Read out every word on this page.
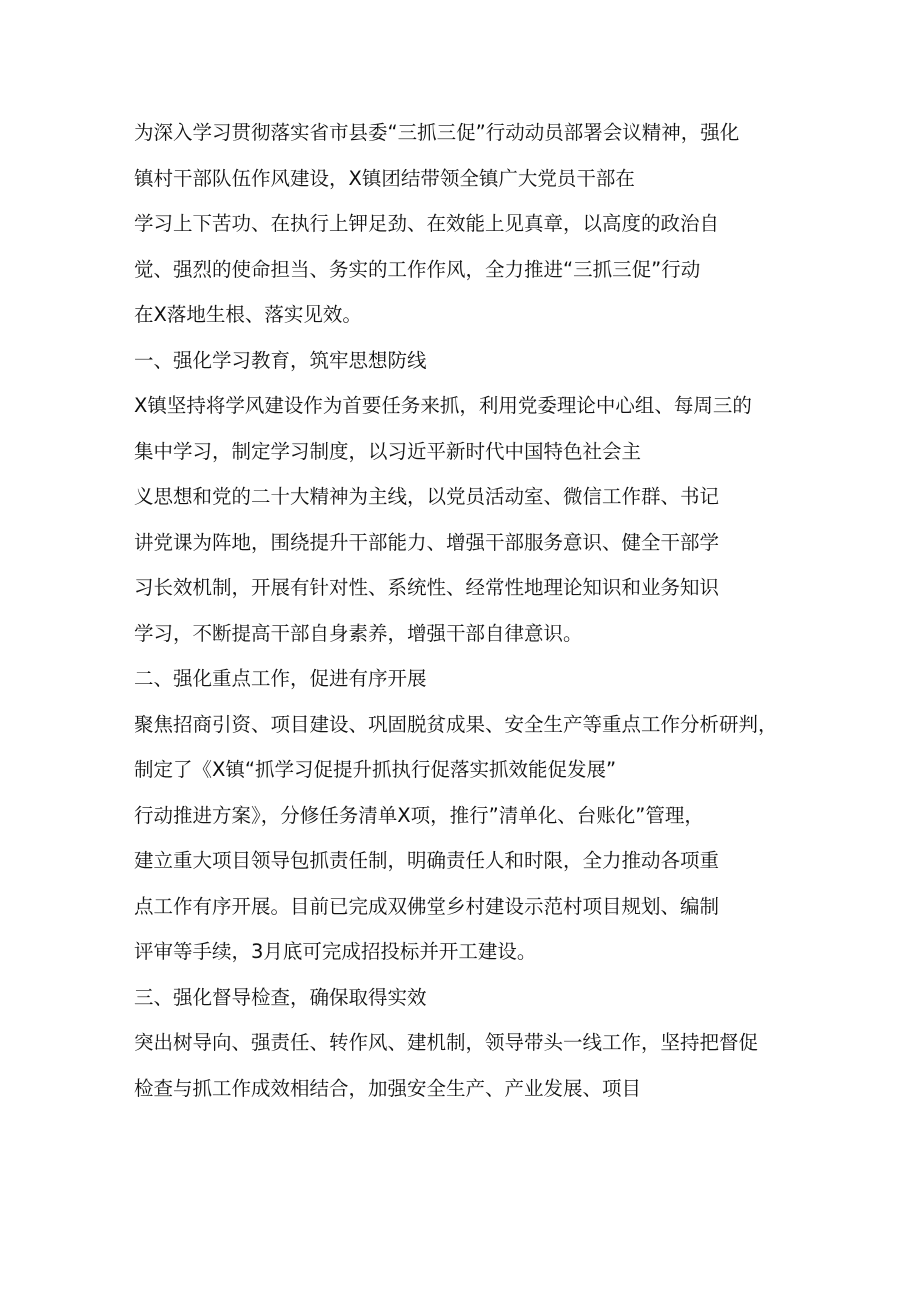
为深入学习贯彻落实省市县委“三抓三促”行动动员部署会议精神，强化
镇村干部队伍作风建设，X镇团结带领全镇广大党员干部在
学习上下苦功、在执行上钾足劲、在效能上见真章，以高度的政治自
觉、强烈的使命担当、务实的工作作风，全力推进“三抓三促”行动
在X落地生根、落实见效。
一、强化学习教育，筑牢思想防线
X镇坚持将学风建设作为首要任务来抓，利用党委理论中心组、每周三的
集中学习，制定学习制度，以习近平新时代中国特色社会主
义思想和党的二十大精神为主线，以党员活动室、微信工作群、书记
讲党课为阵地，围绕提升干部能力、增强干部服务意识、健全干部学
习长效机制，开展有针对性、系统性、经常性地理论知识和业务知识
学习，不断提高干部自身素养，增强干部自律意识。
二、强化重点工作，促进有序开展
聚焦招商引资、项目建设、巩固脱贫成果、安全生产等重点工作分析研判，
制定了《X镇“抓学习促提升抓执行促落实抓效能促发展”
行动推进方案》，分修任务清单X项，推行”清单化、台账化”管理，
建立重大项目领导包抓责任制，明确责任人和时限，全力推动各项重
点工作有序开展。目前已完成双佛堂乡村建设示范村项目规划、编制
评审等手续，3月底可完成招投标并开工建设。
三、强化督导检查，确保取得实效
突出树导向、强责任、转作风、建机制，领导带头一线工作，坚持把督促
检查与抓工作成效相结合，加强安全生产、产业发展、项目
